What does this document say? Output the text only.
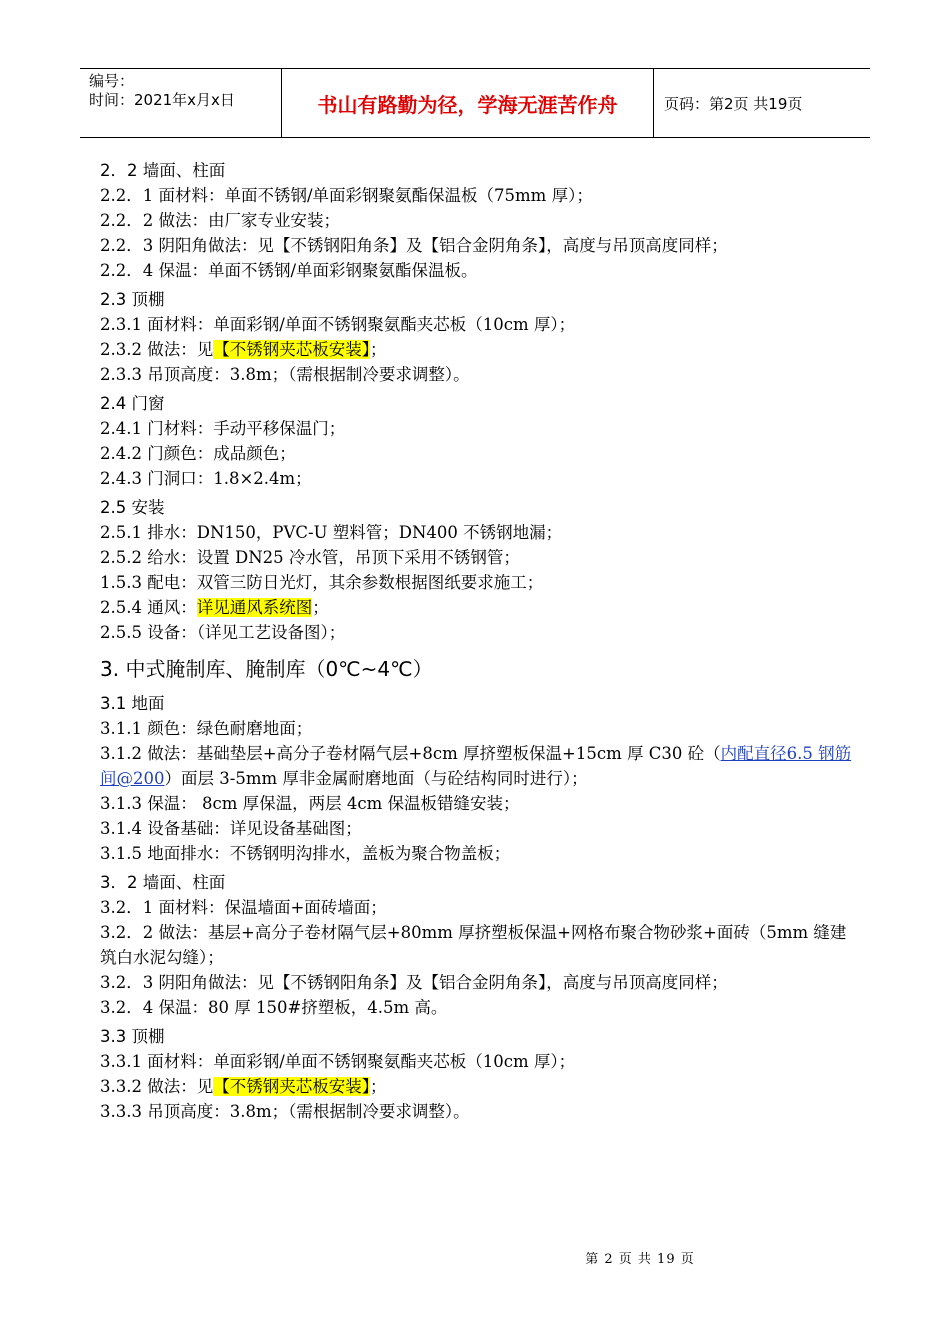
编号：
时间：2021年x月x日	书山有路勤为径，学海无涯苦作舟	页码：第2页 共19页
2．2 墙面、柱面
2.2．1 面材料：单面不锈钢/单面彩钢聚氨酯保温板（75mm 厚）；
2.2．2 做法：由厂家专业安装；
2.2．3 阴阳角做法：见【不锈钢阳角条】及【铝合金阴角条】，高度与吊顶高度同样；
2.2．4 保温：单面不锈钢/单面彩钢聚氨酯保温板。
2.3 顶棚
2.3.1 面材料：单面彩钢/单面不锈钢聚氨酯夹芯板（10cm 厚）；
2.3.2 做法：见【不锈钢夹芯板安装】；
2.3.3 吊顶高度：3.8m；（需根据制冷要求调整）。
2.4 门窗
2.4.1 门材料：手动平移保温门；
2.4.2 门颜色：成品颜色；
2.4.3 门洞口：1.8×2.4m；
2.5 安装
2.5.1 排水：DN150，PVC-U 塑料管；DN400 不锈钢地漏；
2.5.2 给水：设置 DN25 冷水管，吊顶下采用不锈钢管；
1.5.3 配电：双管三防日光灯，其余参数根据图纸要求施工；
2.5.4 通风：详见通风系统图；
2.5.5 设备：（详见工艺设备图）；
3. 中式腌制库、腌制库（0℃~4℃）
3.1 地面
3.1.1 颜色：绿色耐磨地面；
3.1.2 做法：基础垫层+高分子卷材隔气层+8cm 厚挤塑板保温+15cm 厚 C30 砼（内配直径6.5 钢筋间@200）面层 3-5mm 厚非金属耐磨地面（与砼结构同时进行）；
3.1.3 保温： 8cm 厚保温，两层 4cm 保温板错缝安装；
3.1.4 设备基础：详见设备基础图；
3.1.5 地面排水：不锈钢明沟排水，盖板为聚合物盖板；
3．2 墙面、柱面
3.2．1 面材料：保温墙面+面砖墙面；
3.2．2 做法：基层+高分子卷材隔气层+80mm 厚挤塑板保温+网格布聚合物砂浆+面砖（5mm 缝建筑白水泥勾缝）；
3.2．3 阴阳角做法：见【不锈钢阳角条】及【铝合金阴角条】，高度与吊顶高度同样；
3.2．4 保温：80 厚 150#挤塑板，4.5m 高。
3.3 顶棚
3.3.1 面材料：单面彩钢/单面不锈钢聚氨酯夹芯板（10cm 厚）；
3.3.2 做法：见【不锈钢夹芯板安装】；
3.3.3 吊顶高度：3.8m；（需根据制冷要求调整）。
第 2 页 共 19 页
